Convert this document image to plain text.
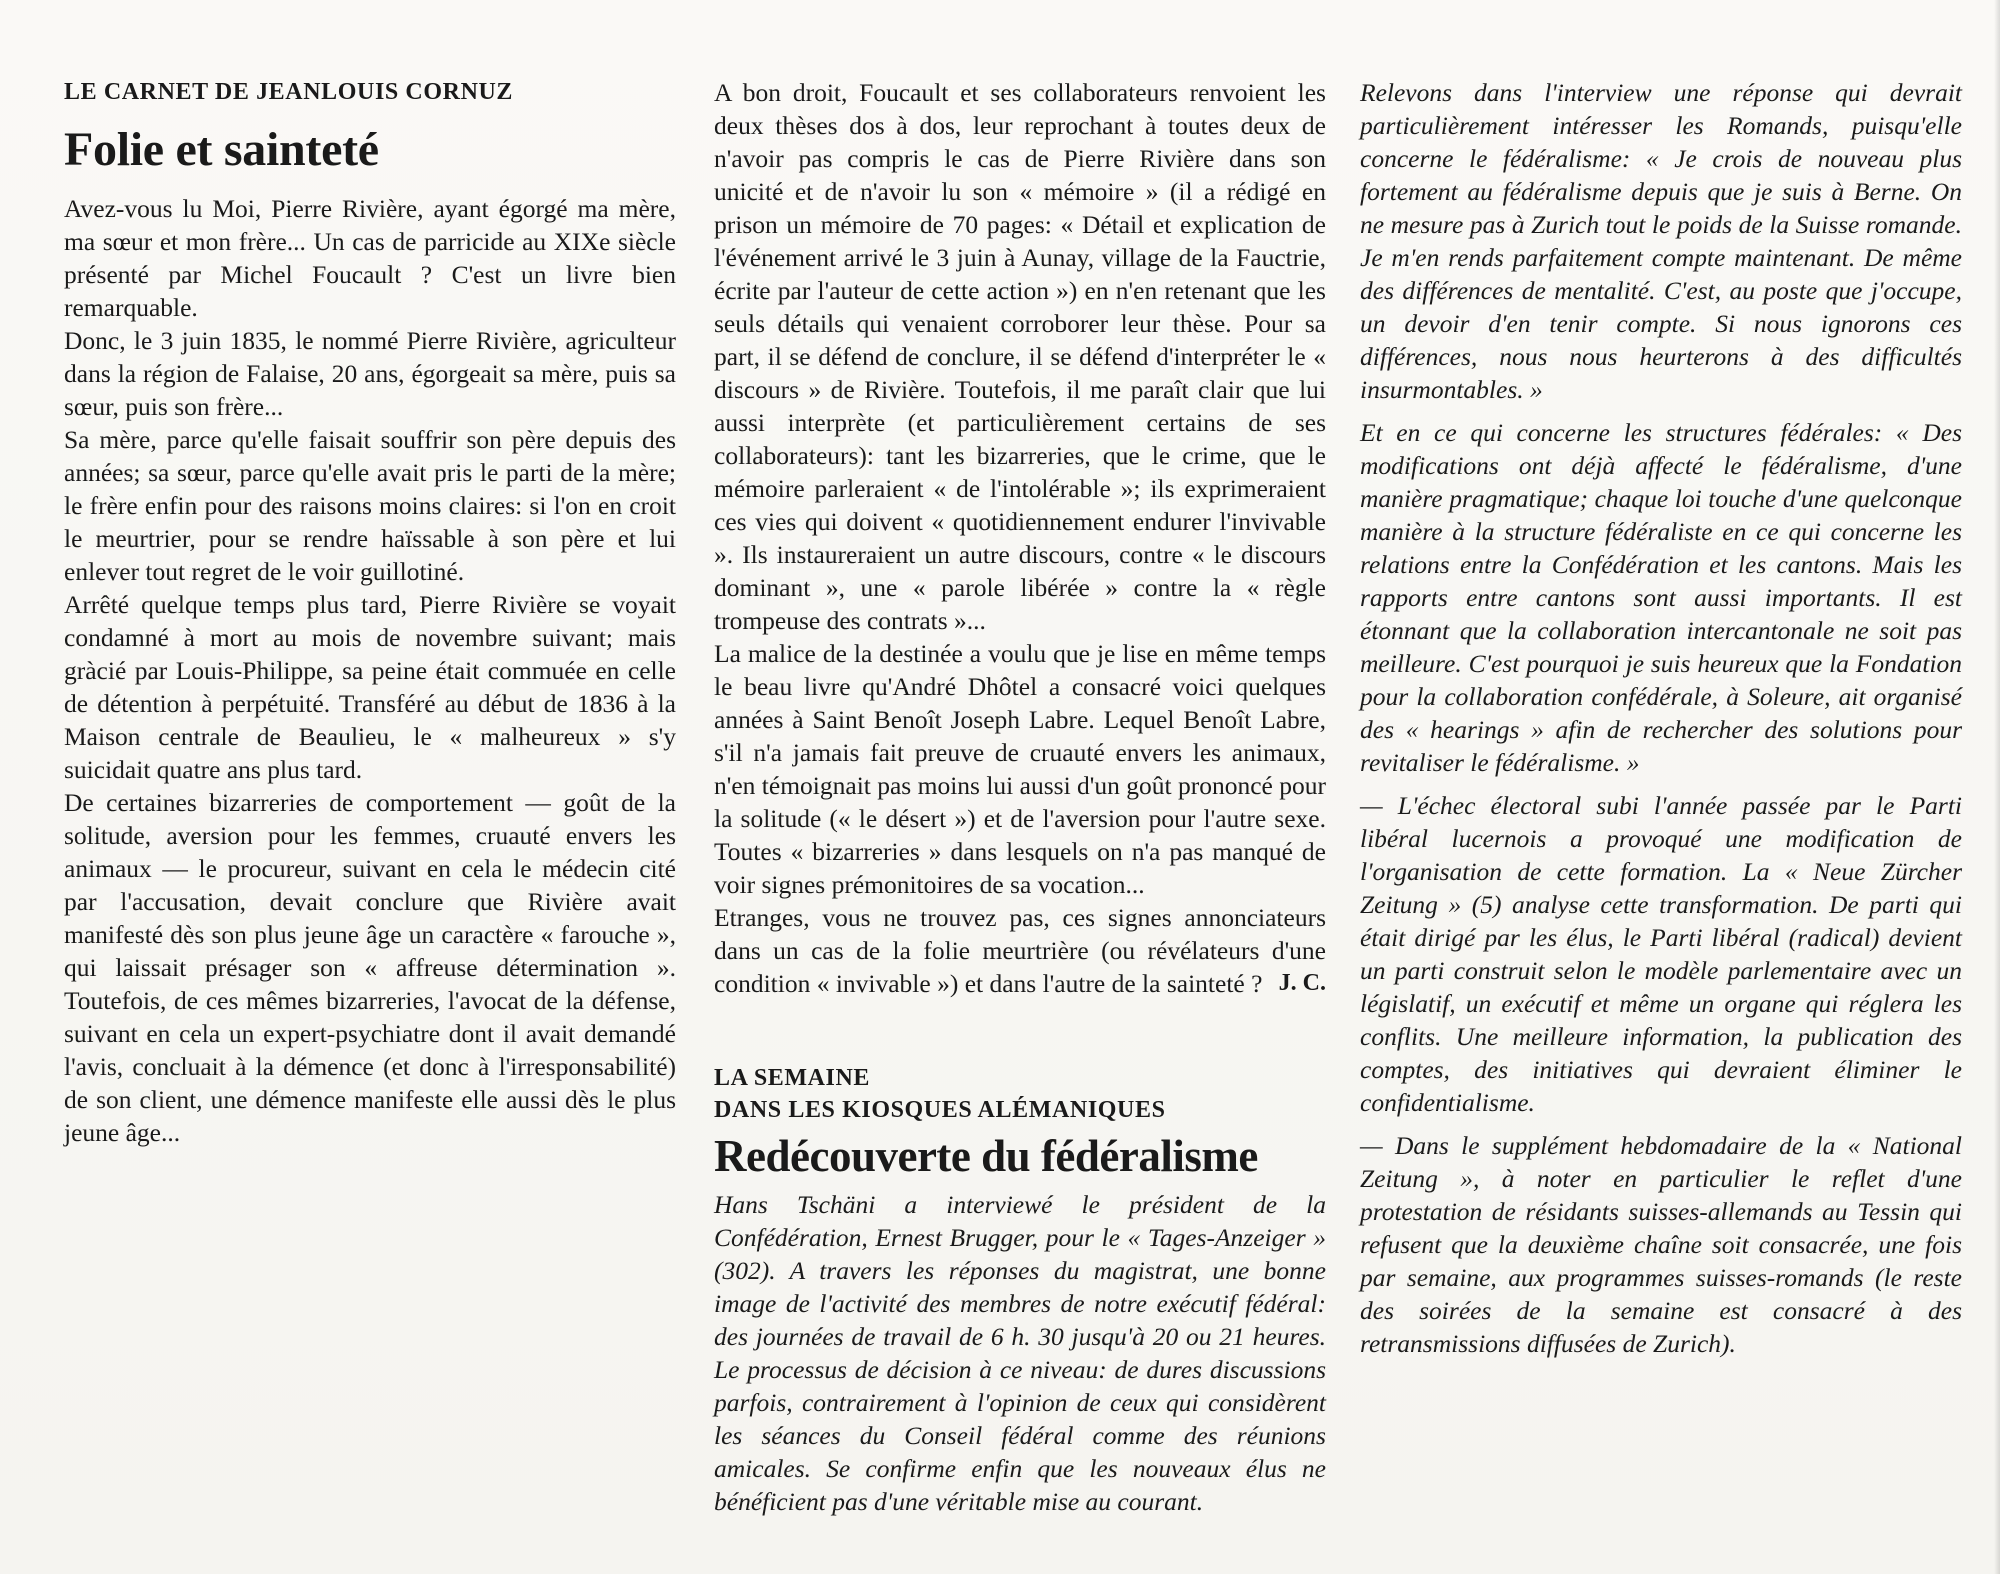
LE CARNET DE JEANLOUIS CORNUZ

Folie et sainteté

Avez-vous lu Moi, Pierre Rivière, ayant égorgé ma mère, ma sœur et mon frère... Un cas de parricide au XIXe siècle présenté par Michel Foucault ? C'est un livre bien remarquable.

Donc, le 3 juin 1835, le nommé Pierre Rivière, agriculteur dans la région de Falaise, 20 ans, égorgeait sa mère, puis sa sœur, puis son frère...

Sa mère, parce qu'elle faisait souffrir son père depuis des années; sa sœur, parce qu'elle avait pris le parti de la mère; le frère enfin pour des raisons moins claires: si l'on en croit le meurtrier, pour se rendre haïssable à son père et lui enlever tout regret de le voir guillotiné.

Arrêté quelque temps plus tard, Pierre Rivière se voyait condamné à mort au mois de novembre suivant; mais gràcié par Louis-Philippe, sa peine était commuée en celle de détention à perpétuité. Transféré au début de 1836 à la Maison centrale de Beaulieu, le « malheureux » s'y suicidait quatre ans plus tard.

De certaines bizarreries de comportement — goût de la solitude, aversion pour les femmes, cruauté envers les animaux — le procureur, suivant en cela le médecin cité par l'accusation, devait conclure que Rivière avait manifesté dès son plus jeune âge un caractère « farouche », qui laissait présager son « affreuse détermination ». Toutefois, de ces mêmes bizarreries, l'avocat de la défense, suivant en cela un expert-psychiatre dont il avait demandé l'avis, concluait à la démence (et donc à l'irresponsabilité) de son client, une démence manifeste elle aussi dès le plus jeune âge...

A bon droit, Foucault et ses collaborateurs renvoient les deux thèses dos à dos, leur reprochant à toutes deux de n'avoir pas compris le cas de Pierre Rivière dans son unicité et de n'avoir lu son « mémoire » (il a rédigé en prison un mémoire de 70 pages: « Détail et explication de l'événement arrivé le 3 juin à Aunay, village de la Fauctrie, écrite par l'auteur de cette action ») en n'en retenant que les seuls détails qui venaient corroborer leur thèse. Pour sa part, il se défend de conclure, il se défend d'interpréter le « discours » de Rivière. Toutefois, il me paraît clair que lui aussi interprète (et particulièrement certains de ses collaborateurs): tant les bizarreries, que le crime, que le mémoire parleraient « de l'intolérable »; ils exprimeraient ces vies qui doivent « quotidiennement endurer l'invivable ». Ils instaureraient un autre discours, contre « le discours dominant », une « parole libérée » contre la « règle trompeuse des contrats »...

La malice de la destinée a voulu que je lise en même temps le beau livre qu'André Dhôtel a consacré voici quelques années à Saint Benoît Joseph Labre. Lequel Benoît Labre, s'il n'a jamais fait preuve de cruauté envers les animaux, n'en témoignait pas moins lui aussi d'un goût prononcé pour la solitude (« le désert ») et de l'aversion pour l'autre sexe. Toutes « bizarreries » dans lesquels on n'a pas manqué de voir signes prémonitoires de sa vocation...

Etranges, vous ne trouvez pas, ces signes annonciateurs dans un cas de la folie meurtrière (ou révélateurs d'une condition « invivable ») et dans l'autre de la sainteté ? J. C.

LA SEMAINE

DANS LES KIOSQUES ALÉMANIQUES

Redécouverte du fédéralisme

Hans Tschäni a interviewé le président de la Confédération, Ernest Brugger, pour le « Tages-Anzeiger » (302). A travers les réponses du magistrat, une bonne image de l'activité des membres de notre exécutif fédéral: des journées de travail de 6 h. 30 jusqu'à 20 ou 21 heures. Le processus de décision à ce niveau: de dures discussions parfois, contrairement à l'opinion de ceux qui considèrent les séances du Conseil fédéral comme des réunions amicales. Se confirme enfin que les nouveaux élus ne bénéficient pas d'une véritable mise au courant.

Relevons dans l'interview une réponse qui devrait particulièrement intéresser les Romands, puisqu'elle concerne le fédéralisme: « Je crois de nouveau plus fortement au fédéralisme depuis que je suis à Berne. On ne mesure pas à Zurich tout le poids de la Suisse romande. Je m'en rends parfaitement compte maintenant. De même des différences de mentalité. C'est, au poste que j'occupe, un devoir d'en tenir compte. Si nous ignorons ces différences, nous nous heurterons à des difficultés insurmontables. »

Et en ce qui concerne les structures fédérales: « Des modifications ont déjà affecté le fédéralisme, d'une manière pragmatique; chaque loi touche d'une quelconque manière à la structure fédéraliste en ce qui concerne les relations entre la Confédération et les cantons. Mais les rapports entre cantons sont aussi importants. Il est étonnant que la collaboration intercantonale ne soit pas meilleure. C'est pourquoi je suis heureux que la Fondation pour la collaboration confédérale, à Soleure, ait organisé des « hearings » afin de rechercher des solutions pour revitaliser le fédéralisme. »

— L'échec électoral subi l'année passée par le Parti libéral lucernois a provoqué une modification de l'organisation de cette formation. La « Neue Zürcher Zeitung » (5) analyse cette transformation. De parti qui était dirigé par les élus, le Parti libéral (radical) devient un parti construit selon le modèle parlementaire avec un législatif, un exécutif et même un organe qui réglera les conflits. Une meilleure information, la publication des comptes, des initiatives qui devraient éliminer le confidentialisme.

— Dans le supplément hebdomadaire de la « National Zeitung », à noter en particulier le reflet d'une protestation de résidants suisses-allemands au Tessin qui refusent que la deuxième chaîne soit consacrée, une fois par semaine, aux programmes suisses-romands (le reste des soirées de la semaine est consacré à des retransmissions diffusées de Zurich).
